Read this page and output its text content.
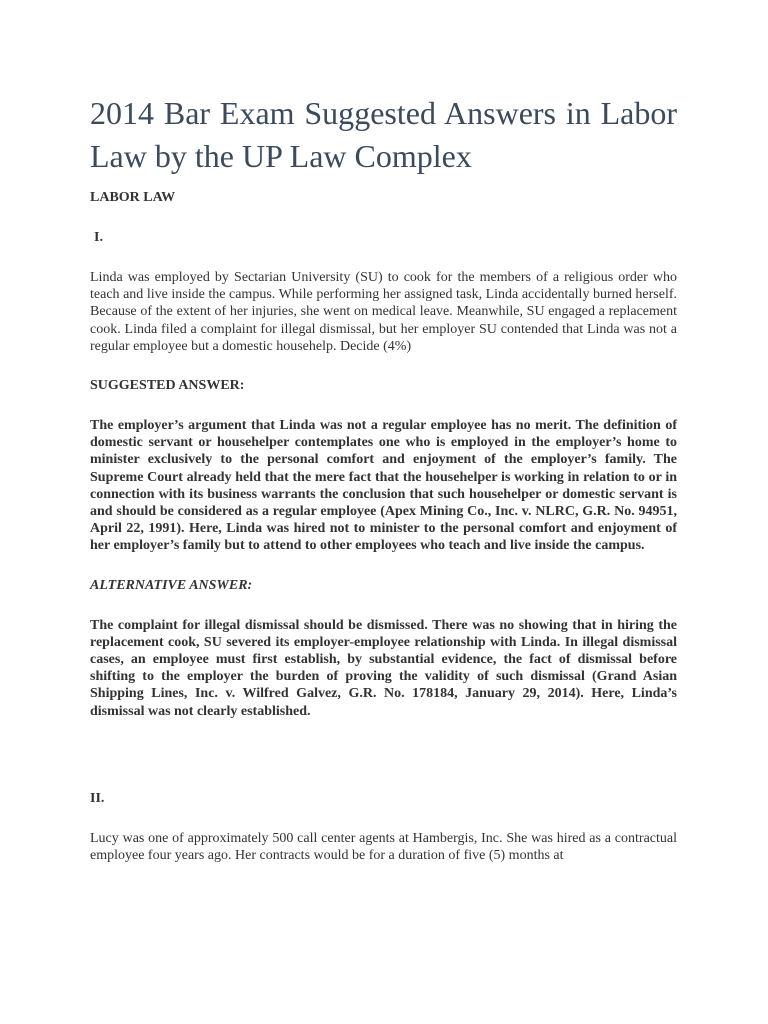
2014 Bar Exam Suggested Answers in Labor Law by the UP Law Complex
LABOR LAW
I.

Linda was employed by Sectarian University (SU) to cook for the members of a religious order who teach and live inside the campus. While performing her assigned task, Linda accidentally burned herself. Because of the extent of her injuries, she went on medical leave. Meanwhile, SU engaged a replacement cook. Linda filed a complaint for illegal dismissal, but her employer SU contended that Linda was not a regular employee but a domestic househelp. Decide (4%)

SUGGESTED ANSWER:

The employer’s argument that Linda was not a regular employee has no merit. The definition of domestic servant or househelper contemplates one who is employed in the employer’s home to minister exclusively to the personal comfort and enjoyment of the employer’s family. The Supreme Court already held that the mere fact that the househelper is working in relation to or in connection with its business warrants the conclusion that such househelper or domestic servant is and should be considered as a regular employee (Apex Mining Co., Inc. v. NLRC, G.R. No. 94951, April 22, 1991). Here, Linda was hired not to minister to the personal comfort and enjoyment of her employer’s family but to attend to other employees who teach and live inside the campus.

ALTERNATIVE ANSWER:

The complaint for illegal dismissal should be dismissed. There was no showing that in hiring the replacement cook, SU severed its employer-employee relationship with Linda. In illegal dismissal cases, an employee must first establish, by substantial evidence, the fact of dismissal before shifting to the employer the burden of proving the validity of such dismissal (Grand Asian Shipping Lines, Inc. v. Wilfred Galvez, G.R. No. 178184, January 29, 2014). Here, Linda’s dismissal was not clearly established.

II.

Lucy was one of approximately 500 call center agents at Hambergis, Inc. She was hired as a contractual employee four years ago. Her contracts would be for a duration of five (5) months at
